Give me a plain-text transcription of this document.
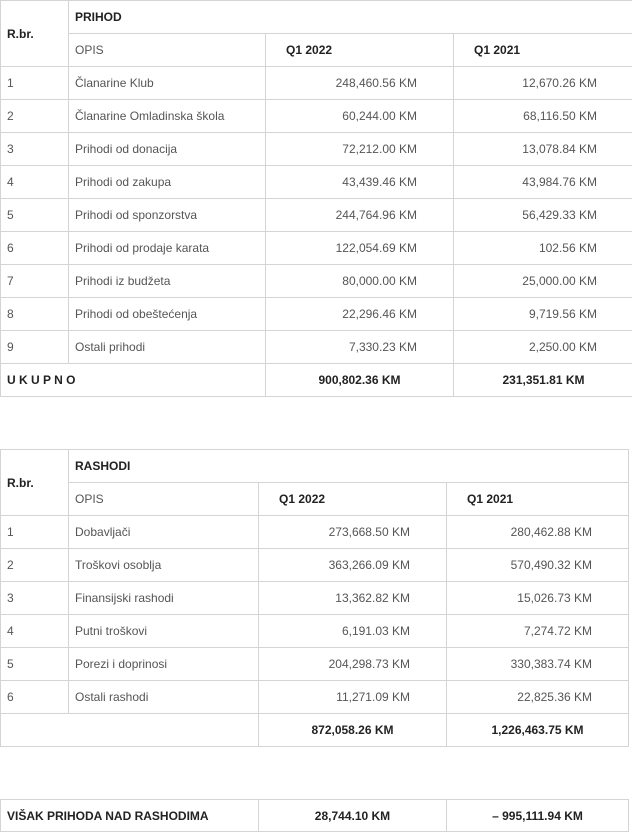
R.br.	PRIHOD		
	OPIS	Q1 2022	Q1 2021
1	Članarine Klub	248,460.56 KM	12,670.26 KM
2	Članarine Omladinska škola	60,244.00 KM	68,116.50 KM
3	Prihodi od donacija	72,212.00 KM	13,078.84 KM
4	Prihodi od zakupa	43,439.46 KM	43,984.76 KM
5	Prihodi od sponzorstva	244,764.96 KM	56,429.33 KM
6	Prihodi od prodaje karata	122,054.69 KM	102.56 KM
7	Prihodi iz budžeta	80,000.00 KM	25,000.00 KM
8	Prihodi od obeštećenja	22,296.46 KM	9,719.56 KM
9	Ostali prihodi	7,330.23 KM	2,250.00 KM
U K U P N O		900,802.36 KM	231,351.81 KM
R.br.	RASHODI		
	OPIS	Q1 2022	Q1 2021
1	Dobavljači	273,668.50 KM	280,462.88 KM
2	Troškovi osoblja	363,266.09 KM	570,490.32 KM
3	Finansijski rashodi	13,362.82 KM	15,026.73 KM
4	Putni troškovi	6,191.03 KM	7,274.72 KM
5	Porezi i doprinosi	204,298.73 KM	330,383.74 KM
6	Ostali rashodi	11,271.09 KM	22,825.36 KM
		872,058.26 KM	1,226,463.75 KM
VIŠAK PRIHODA NAD RASHODIMA	28,744.10 KM	– 995,111.94 KM
